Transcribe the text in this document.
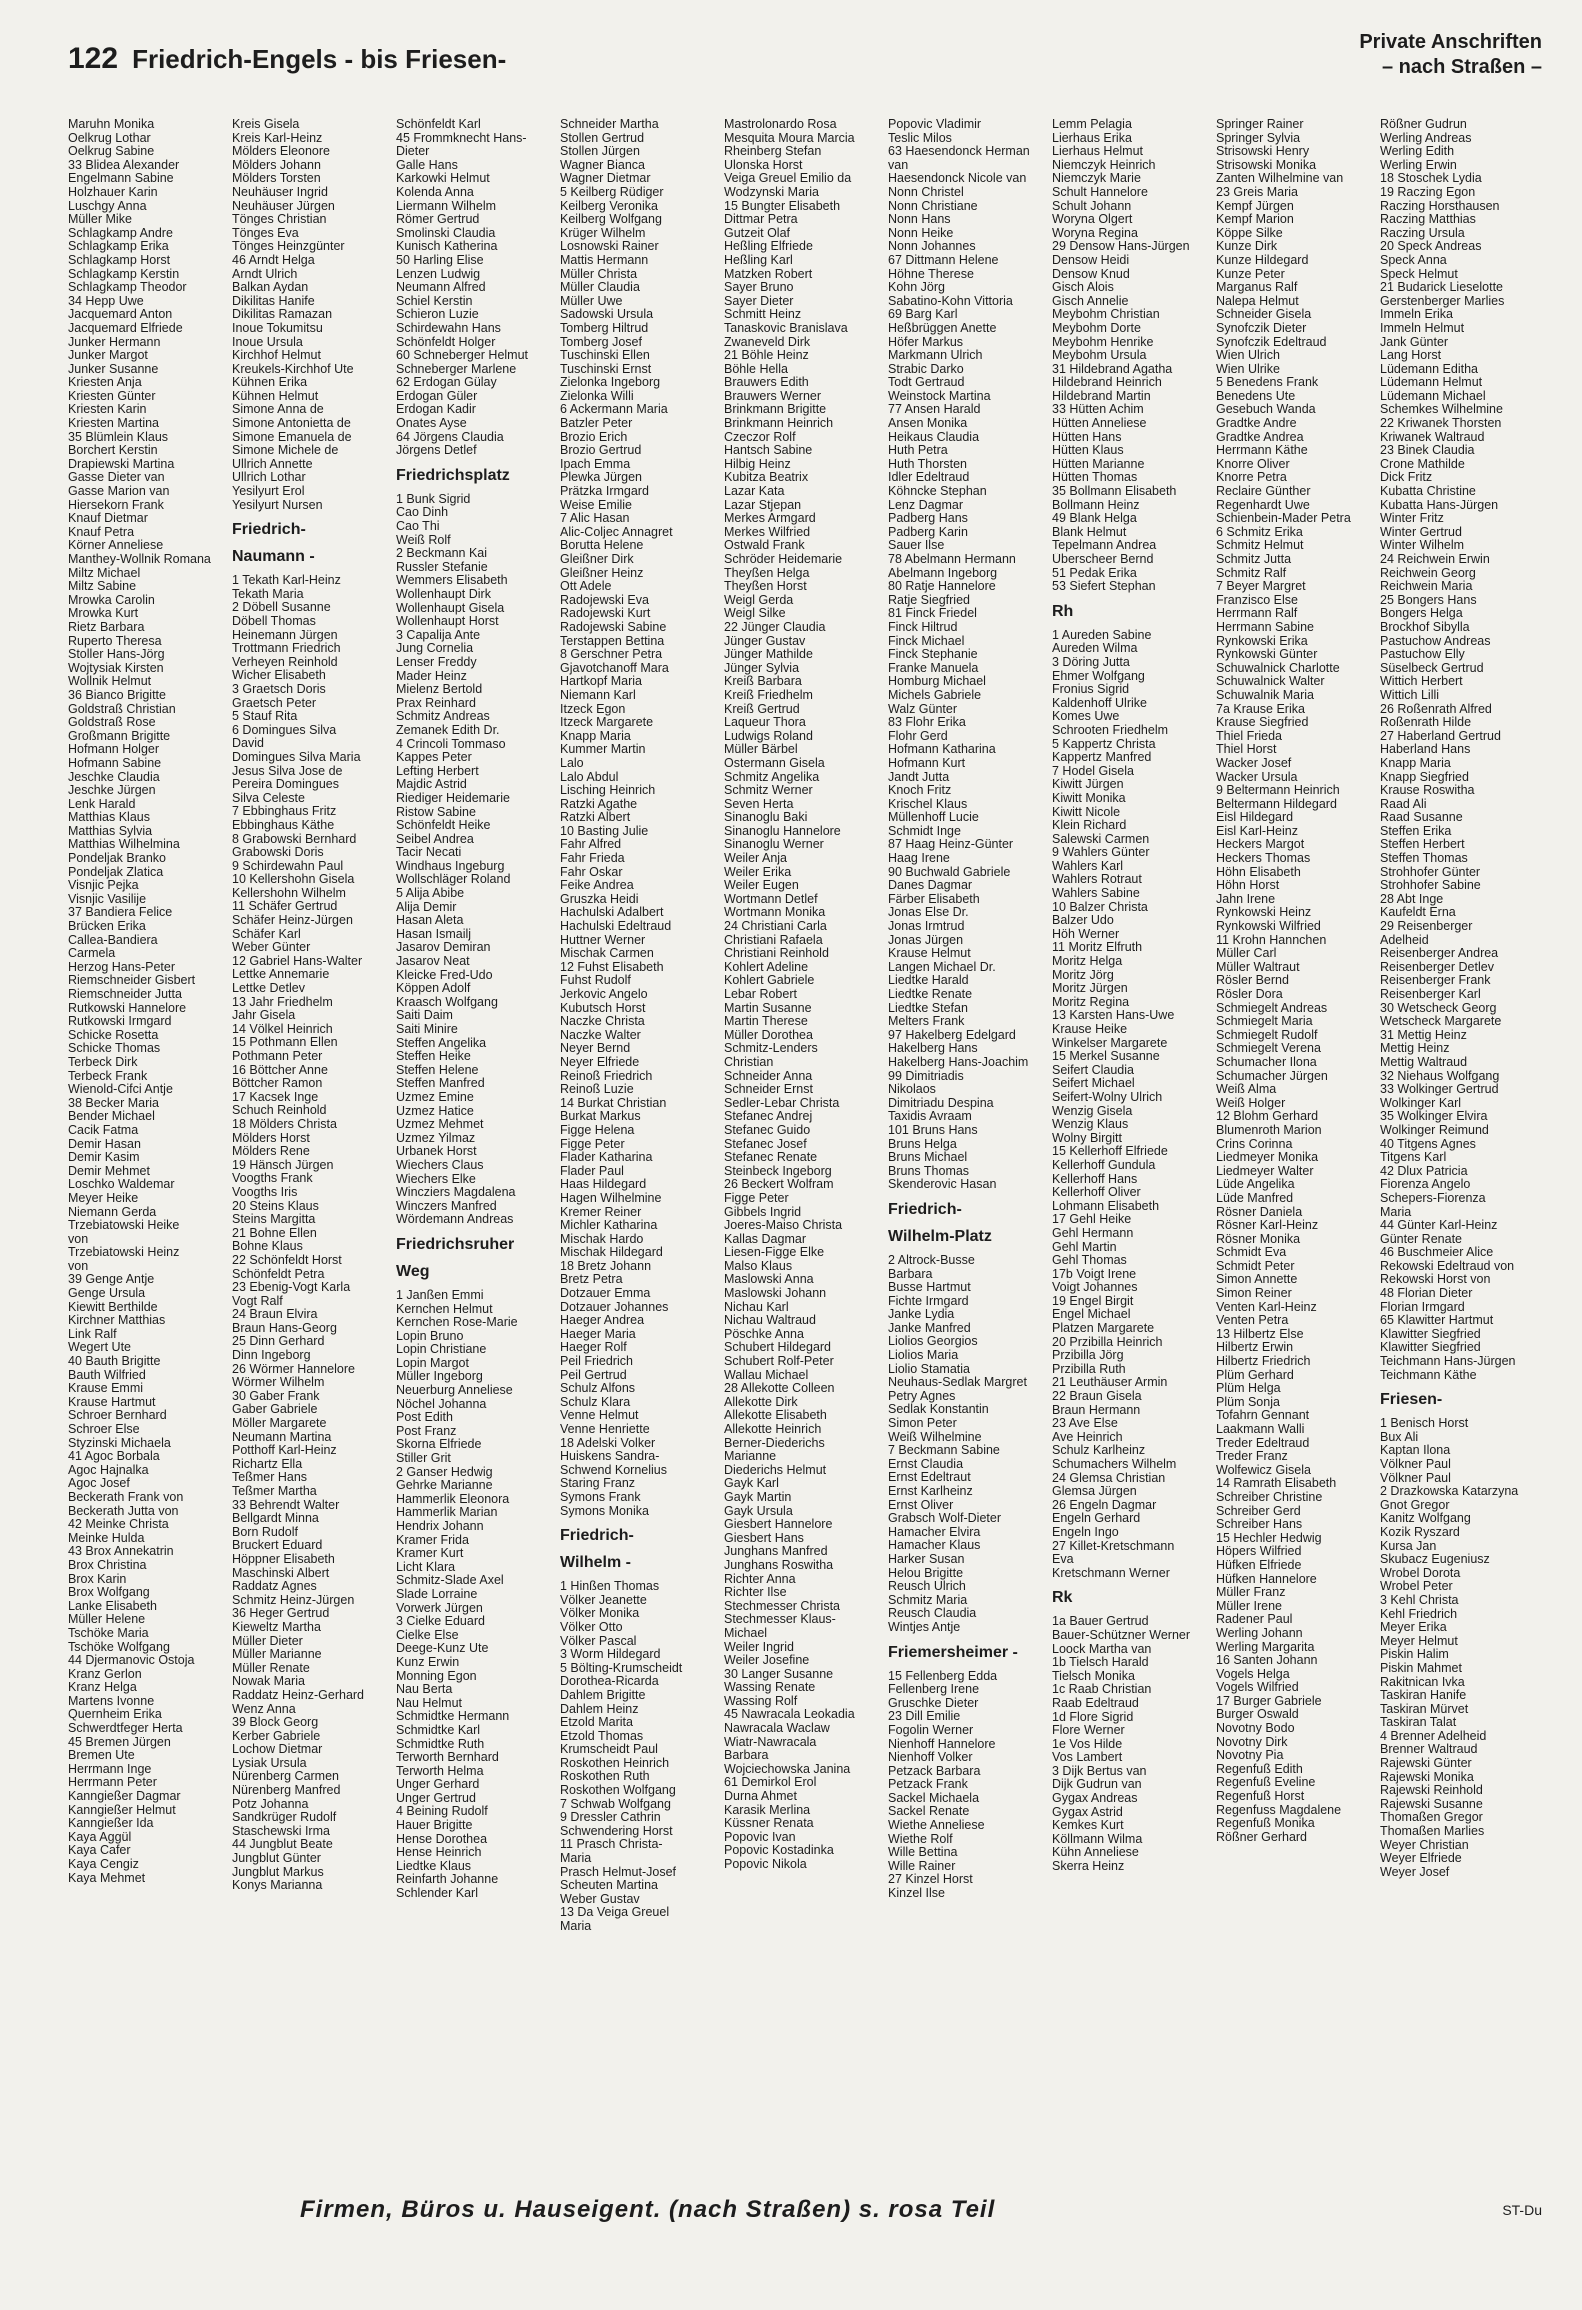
122 Friedrich-Engels - bis Friesen-
Private Anschriften
– nach Straßen –
Maruhn Monika
Oelkrug Lothar
Oelkrug Sabine
33 Blidea Alexander
Engelmann Sabine
Holzhauer Karin
Luschgy Anna
Müller Mike
Schlagkamp Andre
Schlagkamp Erika
Schlagkamp Horst
Schlagkamp Kerstin
Schlagkamp Theodor
34 Hepp Uwe
Jacquemard Anton
Jacquemard Elfriede
Junker Hermann
Junker Margot
Junker Susanne
Kriesten Anja
Kriesten Günter
Kriesten Karin
Kriesten Martina
35 Blümlein Klaus
Borchert Kerstin
Drapiewski Martina
Gasse Dieter van
Gasse Marion van
Hiersekorn Frank
Knauf Dietmar
Knauf Petra
Körner Anneliese
Manthey-Wollnik Romana
Miltz Michael
Miltz Sabine
Mrowka Carolin
Mrowka Kurt
Rietz Barbara
Ruperto Theresa
Stoller Hans-Jörg
Wojtysiak Kirsten
Wollnik Helmut
36 Bianco Brigitte
Goldstraß Christian
Goldstraß Rose
Großmann Brigitte
Hofmann Holger
Hofmann Sabine
Jeschke Claudia
Jeschke Jürgen
Lenk Harald
Matthias Klaus
Matthias Sylvia
Matthias Wilhelmina
Pondeljak Branko
Pondeljak Zlatica
Visnjic Pejka
Visnjic Vasilije
37 Bandiera Felice
Brücken Erika
Callea-Bandiera
Carmela
Herzog Hans-Peter
Riemschneider Gisbert
Riemschneider Jutta
Rutkowski Hannelore
Rutkowski Irmgard
Schicke Rosetta
Schicke Thomas
Terbeck Dirk
Terbeck Frank
Wienold-Cifci Antje
38 Becker Maria
Bender Michael
Cacik Fatma
Demir Hasan
Demir Kasim
Demir Mehmet
Loschko Waldemar
Meyer Heike
Niemann Gerda
Trzebiatowski Heike
von
Trzebiatowski Heinz
von
39 Genge Antje
Genge Ursula
Kiewitt Berthilde
Kirchner Matthias
Link Ralf
Wegert Ute
40 Bauth Brigitte
Bauth Wilfried
Krause Emmi
Krause Hartmut
Schroer Bernhard
Schroer Else
Styzinski Michaela
41 Agoc Borbala
Agoc Hajnalka
Agoc Josef
Beckerath Frank von
Beckerath Jutta von
42 Meinke Christa
Meinke Hulda
43 Brox Annekatrin
Brox Christina
Brox Karin
Brox Wolfgang
Lanke Elisabeth
Müller Helene
Tschöke Maria
Tschöke Wolfgang
44 Djermanovic Ostoja
Kranz Gerlon
Kranz Helga
Martens Ivonne
Quernheim Erika
Schwerdtfeger Herta
45 Bremen Jürgen
Bremen Ute
Herrmann Inge
Herrmann Peter
Kanngießer Dagmar
Kanngießer Helmut
Kanngießer Ida
Kaya Aggül
Kaya Cafer
Kaya Cengiz
Kaya Mehmet
Kreis Gisela
Kreis Karl-Heinz
Mölders Eleonore
Mölders Johann
Mölders Torsten
Neuhäuser Ingrid
Neuhäuser Jürgen
Tönges Christian
Tönges Eva
Tönges Heinzgünter
46 Arndt Helga
Arndt Ulrich
Balkan Aydan
Dikilitas Hanife
Dikilitas Ramazan
Inoue Tokumitsu
Inoue Ursula
Kirchhof Helmut
Kreukels-Kirchhof Ute
Kühnen Erika
Kühnen Helmut
Simone Anna de
Simone Antonietta de
Simone Emanuela de
Simone Michele de
Ullrich Annette
Ullrich Lothar
Yesilyurt Erol
Yesilyurt Nursen
Friedrich-
Naumann -
1 Tekath Karl-Heinz
Tekath Maria
2 Döbell Susanne
Döbell Thomas
Heinemann Jürgen
Trottmann Friedrich
Verheyen Reinhold
Wicher Elisabeth
3 Graetsch Doris
Graetsch Peter
5 Stauf Rita
6 Domingues Silva
David
Domingues Silva Maria
Jesus Silva Jose de
Pereira Domingues
Silva Celeste
7 Ebbinghaus Fritz
Ebbinghaus Käthe
8 Grabowski Bernhard
Grabowski Doris
9 Schirdewahn Paul
10 Kellershohn Gisela
Kellershohn Wilhelm
11 Schäfer Gertrud
Schäfer Heinz-Jürgen
Schäfer Karl
Weber Günter
12 Gabriel Hans-Walter
Lettke Annemarie
Lettke Detlev
13 Jahr Friedhelm
Jahr Gisela
14 Völkel Heinrich
15 Pothmann Ellen
Pothmann Peter
16 Böttcher Anne
Böttcher Ramon
17 Kacsek Inge
Schuch Reinhold
18 Mölders Christa
Mölders Horst
Mölders Rene
19 Hänsch Jürgen
Voogths Frank
Voogths Iris
20 Steins Klaus
Steins Margitta
21 Bohne Ellen
Bohne Klaus
22 Schönfeldt Horst
Schönfeldt Petra
23 Ebenig-Vogt Karla
Vogt Ralf
24 Braun Elvira
Braun Hans-Georg
25 Dinn Gerhard
Dinn Ingeborg
26 Wörmer Hannelore
Wörmer Wilhelm
30 Gaber Frank
Gaber Gabriele
Möller Margarete
Neumann Martina
Potthoff Karl-Heinz
Richartz Ella
Teßmer Hans
Teßmer Martha
33 Behrendt Walter
Bellgardt Minna
Born Rudolf
Bruckert Eduard
Höppner Elisabeth
Maschinski Albert
Raddatz Agnes
Schmitz Heinz-Jürgen
36 Heger Gertrud
Kieweltz Martha
Müller Dieter
Müller Marianne
Müller Renate
Nowak Maria
Raddatz Heinz-Gerhard
Wenz Anna
39 Block Georg
Kerber Gabriele
Lochow Dietmar
Lysiak Ursula
Nürenberg Carmen
Nürenberg Manfred
Potz Johanna
Sandkrüger Rudolf
Staschewski Irma
44 Jungblut Beate
Jungblut Günter
Jungblut Markus
Konys Marianna
Schönfeldt Karl
45 Frommknecht Hans-
Dieter
Galle Hans
Karkowki Helmut
Kolenda Anna
Liermann Wilhelm
Römer Gertrud
Smolinski Claudia
Kunisch Katherina
50 Harling Elise
Lenzen Ludwig
Neumann Alfred
Schiel Kerstin
Schieron Luzie
Schirdewahn Hans
Schönfeldt Holger
60 Schneberger Helmut
Schneberger Marlene
62 Erdogan Gülay
Erdogan Güler
Erdogan Kadir
Önates Ayse
64 Jörgens Claudia
Jörgens Detlef
Friedrichsplatz
1 Bunk Sigrid
Cao Dinh
Cao Thi
Weiß Rolf
2 Beckmann Kai
Russler Stefanie
Wemmers Elisabeth
Wollenhaupt Dirk
Wollenhaupt Gisela
Wollenhaupt Horst
3 Capalija Ante
Jung Cornelia
Lenser Freddy
Mader Heinz
Mielenz Bertold
Prax Reinhard
Schmitz Andreas
Zemanek Edith Dr.
4 Crincoli Tommaso
Kappes Peter
Lefting Herbert
Majdic Astrid
Riediger Heidemarie
Ristow Sabine
Schönfeldt Heike
Seibel Andrea
Tacir Necati
Windhaus Ingeburg
Wollschläger Roland
5 Alija Abibe
Alija Demir
Hasan Aleta
Hasan Ismailj
Jasarov Demiran
Jasarov Neat
Kleicke Fred-Udo
Köppen Adolf
Kraasch Wolfgang
Saiti Daim
Saiti Minire
Steffen Angelika
Steffen Heike
Steffen Helene
Steffen Manfred
Üzmez Emine
Üzmez Hatice
Üzmez Mehmet
Üzmez Yilmaz
Urbanek Horst
Wiechers Claus
Wiechers Elke
Wincziers Magdalena
Winczers Manfred
Wördemann Andreas
Friedrichsruher
Weg
1 Janßen Emmi
Kernchen Helmut
Kernchen Rose-Marie
Lopin Bruno
Lopin Christiane
Lopin Margot
Müller Ingeborg
Neuerburg Anneliese
Nöchel Johanna
Post Edith
Post Franz
Skorna Elfriede
Stiller Grit
2 Ganser Hedwig
Gehrke Marianne
Hammerlik Eleonora
Hammerlik Marian
Hendrix Johann
Kramer Frida
Kramer Kurt
Licht Klara
Schmitz-Slade Axel
Slade Lorraine
Vorwerk Jürgen
3 Cielke Eduard
Cielke Else
Deege-Kunz Ute
Kunz Erwin
Monning Egon
Nau Berta
Nau Helmut
Schmidtke Hermann
Schmidtke Karl
Schmidtke Ruth
Terworth Bernhard
Terworth Helma
Unger Gerhard
Unger Gertrud
4 Beining Rudolf
Hauer Brigitte
Hense Dorothea
Hense Heinrich
Liedtke Klaus
Reinfarth Johanne
Schlender Karl
Schneider Martha
Stollen Gertrud
Stollen Jürgen
Wagner Bianca
Wagner Dietmar
5 Keilberg Rüdiger
Keilberg Veronika
Keilberg Wolfgang
Krüger Wilhelm
Losnowski Rainer
Mattis Hermann
Müller Christa
Müller Claudia
Müller Uwe
Sadowski Ursula
Tomberg Hiltrud
Tomberg Josef
Tuschinski Ellen
Tuschinski Ernst
Zielonka Ingeborg
Zielonka Willi
6 Ackermann Maria
Batzler Peter
Brozio Erich
Brozio Gertrud
Ipach Emma
Plewka Jürgen
Prätzka Irmgard
Weise Emilie
7 Alic Hasan
Alic-Coljec Annagret
Borutta Helene
Gleißner Dirk
Gleißner Heinz
Ott Adele
Radojewski Eva
Radojewski Kurt
Radojewski Sabine
Terstappen Bettina
8 Gerschner Petra
Gjavotchanoff Mara
Hartkopf Maria
Niemann Karl
Itzeck Egon
Itzeck Margarete
Knapp Maria
Kummer Martin
Lalo
Lalo Abdul
Lisching Heinrich
Ratzki Agathe
Ratzki Albert
10 Basting Julie
Fahr Alfred
Fahr Frieda
Fahr Oskar
Feike Andrea
Gruszka Heidi
Hachulski Adalbert
Hachulski Edeltraud
Huttner Werner
Mischak Carmen
12 Fuhst Elisabeth
Fuhst Rudolf
Jerkovic Angelo
Kubutsch Horst
Naczke Christa
Naczke Walter
Neyer Bernd
Neyer Elfriede
Reinoß Friedrich
Reinoß Luzie
14 Burkat Christian
Burkat Markus
Figge Helena
Figge Peter
Flader Katharina
Flader Paul
Haas Hildegard
Hagen Wilhelmine
Kremer Reiner
Michler Katharina
Mischak Hardo
Mischak Hildegard
18 Bretz Johann
Bretz Petra
Dotzauer Emma
Dotzauer Johannes
Haeger Andrea
Haeger Maria
Haeger Rolf
Peil Friedrich
Peil Gertrud
Schulz Alfons
Schulz Klara
Venne Helmut
Venne Henriette
18 Adelski Volker
Huiskens Sandra-
Schwend Kornelius
Staring Franz
Symons Frank
Symons Monika
Friedrich-
Wilhelm -
1 Hinßen Thomas
Völker Jeanette
Völker Monika
Völker Otto
Völker Pascal
3 Worm Hildegard
5 Bölting-Krumscheidt
Dorothea-Ricarda
Dahlem Brigitte
Dahlem Heinz
Etzold Marita
Etzold Thomas
Krumscheidt Paul
Roskothen Heinrich
Roskothen Ruth
Roskothen Wolfgang
7 Schwab Wolfgang
9 Dressler Cathrin
Schwendering Horst
11 Prasch Christa-
Maria
Prasch Helmut-Josef
Scheuten Martina
Weber Gustav
13 Da Veiga Greuel
Maria
Mastrolonardo Rosa
Mesquita Moura Marcia
Rheinberg Stefan
Ulonska Horst
Veiga Greuel Emilio da
Wodzynski Maria
15 Bungter Elisabeth
Dittmar Petra
Gutzeit Olaf
Heßling Elfriede
Heßling Karl
Matzken Robert
Sayer Bruno
Sayer Dieter
Schmitt Heinz
Tanaskovic Branislava
Zwaneveld Dirk
21 Böhle Heinz
Böhle Hella
Brauwers Edith
Brauwers Werner
Brinkmann Brigitte
Brinkmann Heinrich
Czeczor Rolf
Hantsch Sabine
Hilbig Heinz
Kubitza Beatrix
Lazar Kata
Lazar Stjepan
Merkes Armgard
Merkes Wilfried
Ostwald Frank
Schröder Heidemarie
Theyßen Helga
Theyßen Horst
Weigl Gerda
Weigl Silke
22 Jünger Claudia
Jünger Gustav
Jünger Mathilde
Jünger Sylvia
Kreiß Barbara
Kreiß Friedhelm
Kreiß Gertrud
Laqueur Thora
Ludwigs Roland
Müller Bärbel
Ostermann Gisela
Schmitz Angelika
Schmitz Werner
Seven Herta
Sinanoglu Baki
Sinanoglu Hannelore
Sinanoglu Werner
Weiler Anja
Weiler Erika
Weiler Eugen
Wortmann Detlef
Wortmann Monika
24 Christiani Carla
Christiani Rafaela
Christiani Reinhold
Kohlert Adeline
Kohlert Gabriele
Lebar Robert
Martin Susanne
Martin Therese
Müller Dorothea
Schmitz-Lenders
Christian
Schneider Anna
Schneider Ernst
Sedler-Lebar Christa
Stefanec Andrej
Stefanec Guido
Stefanec Josef
Stefanec Renate
Steinbeck Ingeborg
26 Beckert Wolfram
Figge Peter
Gibbels Ingrid
Joeres-Maiso Christa
Kallas Dagmar
Liesen-Figge Elke
Malso Klaus
Maslowski Anna
Maslowski Johann
Nichau Karl
Nichau Waltraud
Pöschke Anna
Schubert Hildegard
Schubert Rolf-Peter
Wallau Michael
28 Allekotte Colleen
Allekotte Dirk
Allekotte Elisabeth
Allekotte Heinrich
Berner-Diederichs
Marianne
Diederichs Helmut
Gayk Karl
Gayk Martin
Gayk Ursula
Giesbert Hannelore
Giesbert Hans
Junghans Manfred
Junghans Roswitha
Richter Anna
Richter Ilse
Stechmesser Christa
Stechmesser Klaus-
Michael
Weiler Ingrid
Weiler Josefine
30 Langer Susanne
Wassing Renate
Wassing Rolf
45 Nawracala Leokadia
Nawracala Waclaw
Wiatr-Nawracala
Barbara
Wojciechowska Janina
61 Demirkol Erol
Durna Ahmet
Karasik Merlina
Küssner Renata
Popovic Ivan
Popovic Kostadinka
Popovic Nikola
Popovic Vladimir
Teslic Milos
63 Haesendonck Herman
van
Haesendonck Nicole van
Nonn Christel
Nonn Christiane
Nonn Hans
Nonn Heike
Nonn Johannes
67 Dittmann Helene
Höhne Therese
Kohn Jörg
Sabatino-Kohn Vittoria
69 Barg Karl
Heßbrüggen Anette
Höfer Markus
Markmann Ulrich
Strabic Darko
Todt Gertraud
Weinstock Martina
77 Ansen Harald
Ansen Monika
Heikaus Claudia
Huth Petra
Huth Thorsten
Idler Edeltraud
Köhncke Stephan
Lenz Dagmar
Padberg Hans
Padberg Karin
Sauer Ilse
78 Abelmann Hermann
Abelmann Ingeborg
80 Ratje Hannelore
Ratje Siegfried
81 Finck Friedel
Finck Hiltrud
Finck Michael
Finck Stephanie
Franke Manuela
Homburg Michael
Michels Gabriele
Walz Günter
83 Flohr Erika
Flohr Gerd
Hofmann Katharina
Hofmann Kurt
Jandt Jutta
Knoch Fritz
Krischel Klaus
Müllenhoff Lucie
Schmidt Inge
87 Haag Heinz-Günter
Haag Irene
90 Buchwald Gabriele
Danes Dagmar
Färber Elisabeth
Jonas Else Dr.
Jonas Irmtrud
Jonas Jürgen
Krause Helmut
Langen Michael Dr.
Liedtke Harald
Liedtke Renate
Liedtke Stefan
Melters Frank
97 Hakelberg Edelgard
Hakelberg Hans
Hakelberg Hans-Joachim
99 Dimitriadis
Nikolaos
Dimitriadu Despina
Taxidis Avraam
101 Bruns Hans
Bruns Helga
Bruns Michael
Bruns Thomas
Skenderovic Hasan
Friedrich-
Wilhelm-Platz
2 Altrock-Busse
Barbara
Busse Hartmut
Fichte Irmgard
Janke Lydia
Janke Manfred
Liolios Georgios
Liolios Maria
Liolio Stamatia
Neuhaus-Sedlak Margret
Petry Agnes
Sedlak Konstantin
Simon Peter
Weiß Wilhelmine
7 Beckmann Sabine
Ernst Claudia
Ernst Edeltraut
Ernst Karlheinz
Ernst Oliver
Grabsch Wolf-Dieter
Hamacher Elvira
Hamacher Klaus
Harker Susan
Helou Brigitte
Reusch Ulrich
Schmitz Maria
Reusch Claudia
Wintjes Antje
Friemersheimer -
15 Fellenberg Edda
Fellenberg Irene
Gruschke Dieter
23 Dill Emilie
Fogolin Werner
Nienhoff Hannelore
Nienhoff Volker
Petzack Barbara
Petzack Frank
Sackel Michaela
Sackel Renate
Wiethe Anneliese
Wiethe Rolf
Wille Bettina
Wille Rainer
27 Kinzel Horst
Kinzel Ilse
Lemm Pelagia
Lierhaus Erika
Lierhaus Helmut
Niemczyk Heinrich
Niemczyk Marie
Schult Hannelore
Schult Johann
Woryna Olgert
Woryna Regina
29 Densow Hans-Jürgen
Densow Heidi
Densow Knud
Gisch Alois
Gisch Annelie
Meybohm Christian
Meybohm Dorte
Meybohm Henrike
Meybohm Ursula
31 Hildebrand Agatha
Hildebrand Heinrich
Hildebrand Martin
33 Hütten Achim
Hütten Anneliese
Hütten Hans
Hütten Klaus
Hütten Marianne
Hütten Thomas
35 Bollmann Elisabeth
Bollmann Heinz
49 Blank Helga
Blank Helmut
Tepelmann Andrea
Überscheer Bernd
51 Pedak Erika
53 Siefert Stephan
Rh
1 Aureden Sabine
Aureden Wilma
3 Döring Jutta
Ehmer Wolfgang
Fronius Sigrid
Kaldenhoff Ulrike
Komes Uwe
Schrooten Friedhelm
5 Kappertz Christa
Kappertz Manfred
7 Hodel Gisela
Kiwitt Jürgen
Kiwitt Monika
Kiwitt Nicole
Klein Richard
Salewski Carmen
9 Wahlers Günter
Wahlers Karl
Wahlers Rotraut
Wahlers Sabine
10 Balzer Christa
Balzer Udo
Höh Werner
11 Moritz Elfruth
Moritz Helga
Moritz Jörg
Moritz Jürgen
Moritz Regina
13 Karsten Hans-Uwe
Krause Heike
Winkelser Margarete
15 Merkel Susanne
Seifert Claudia
Seifert Michael
Seifert-Wolny Ulrich
Wenzig Gisela
Wenzig Klaus
Wolny Birgitt
15 Kellerhoff Elfriede
Kellerhoff Gundula
Kellerhoff Hans
Kellerhoff Oliver
Lohmann Elisabeth
17 Gehl Heike
Gehl Hermann
Gehl Martin
Gehl Thomas
17b Voigt Irene
Voigt Johannes
19 Engel Birgit
Engel Michael
Platzen Margarete
20 Przibilla Heinrich
Przibilla Jörg
Przibilla Ruth
21 Leuthäuser Armin
22 Braun Gisela
Braun Hermann
23 Ave Else
Ave Heinrich
Schulz Karlheinz
Schumachers Wilhelm
24 Glemsa Christian
Glemsa Jürgen
26 Engeln Dagmar
Engeln Gerhard
Engeln Ingo
27 Killet-Kretschmann
Eva
Kretschmann Werner
Rk
1a Bauer Gertrud
Bauer-Schützner Werner
Loock Martha van
1b Tielsch Harald
Tielsch Monika
1c Raab Christian
Raab Edeltraud
1d Flore Sigrid
Flore Werner
1e Vos Hilde
Vos Lambert
3 Dijk Bertus van
Dijk Gudrun van
Gygax Andreas
Gygax Astrid
Kemkes Kurt
Köllmann Wilma
Kühn Anneliese
Skerra Heinz
Springer Rainer
Springer Sylvia
Strisowski Henry
Strisowski Monika
Zanten Wilhelmine van
23 Greis Maria
Kempf Jürgen
Kempf Marion
Köppe Silke
Kunze Dirk
Kunze Hildegard
Kunze Peter
Marganus Ralf
Nalepa Helmut
Schneider Gisela
Synofczik Dieter
Synofczik Edeltraud
Wien Ulrich
Wien Ulrike
5 Benedens Frank
Benedens Ute
Gesebuch Wanda
Gradtke Andre
Gradtke Andrea
Herrmann Käthe
Knorre Oliver
Knorre Petra
Reclaire Günther
Regenhardt Uwe
Schienbein-Mader Petra
6 Schmitz Erika
Schmitz Helmut
Schmitz Jutta
Schmitz Ralf
7 Beyer Margret
Franzisco Else
Herrmann Ralf
Herrmann Sabine
Rynkowski Erika
Rynkowski Günter
Schuwalnick Charlotte
Schuwalnick Walter
Schuwalnik Maria
7a Krause Erika
Krause Siegfried
Thiel Frieda
Thiel Horst
Wacker Josef
Wacker Ursula
9 Beltermann Heinrich
Beltermann Hildegard
Eisl Hildegard
Eisl Karl-Heinz
Heckers Margot
Heckers Thomas
Höhn Elisabeth
Höhn Horst
Jahn Irene
Rynkowski Heinz
Rynkowski Wilfried
11 Krohn Hannchen
Müller Carl
Müller Waltraut
Rösler Bernd
Rösler Dora
Schmiegelt Andreas
Schmiegelt Maria
Schmiegelt Rudolf
Schmiegelt Verena
Schumacher Ilona
Schumacher Jürgen
Weiß Alma
Weiß Holger
12 Blohm Gerhard
Blumenroth Marion
Crins Corinna
Liedmeyer Monika
Liedmeyer Walter
Lüde Angelika
Lüde Manfred
Rösner Daniela
Rösner Karl-Heinz
Rösner Monika
Schmidt Eva
Schmidt Peter
Simon Annette
Simon Reiner
Venten Karl-Heinz
Venten Petra
13 Hilbertz Else
Hilbertz Erwin
Hilbertz Friedrich
Plüm Gerhard
Plüm Helga
Plüm Sonja
Tofahrn Gennant
Laakmann Walli
Treder Edeltraud
Treder Franz
Wolfewicz Gisela
14 Ramrath Elisabeth
Schreiber Christine
Schreiber Gerd
Schreiber Hans
15 Hechler Hedwig
Höpers Wilfried
Hüfken Elfriede
Hüfken Hannelore
Müller Franz
Müller Irene
Radener Paul
Werling Johann
Werling Margarita
16 Santen Johann
Vogels Helga
Vogels Wilfried
17 Burger Gabriele
Burger Oswald
Novotny Bodo
Novotny Dirk
Novotny Pia
Regenfuß Edith
Regenfuß Eveline
Regenfuß Horst
Regenfuss Magdalene
Regenfuß Monika
Rößner Gerhard
Rößner Gudrun
Werling Andreas
Werling Edith
Werling Erwin
18 Stoschek Lydia
19 Raczing Egon
Raczing Horsthausen
Raczing Matthias
Raczing Ursula
20 Speck Andreas
Speck Anna
Speck Helmut
21 Budarick Lieselotte
Gerstenberger Marlies
Immeln Erika
Immeln Helmut
Jank Günter
Lang Horst
Lüdemann Editha
Lüdemann Helmut
Lüdemann Michael
Schemkes Wilhelmine
22 Kriwanek Thorsten
Kriwanek Waltraud
23 Binek Claudia
Crone Mathilde
Dick Fritz
Kubatta Christine
Kubatta Hans-Jürgen
Winter Fritz
Winter Gertrud
Winter Wilhelm
24 Reichwein Erwin
Reichwein Georg
Reichwein Maria
25 Bongers Hans
Bongers Helga
Brockhof Sibylla
Pastuchow Andreas
Pastuchow Elly
Süselbeck Gertrud
Wittich Herbert
Wittich Lilli
26 Roßenrath Alfred
Roßenrath Hilde
27 Haberland Gertrud
Haberland Hans
Knapp Maria
Knapp Siegfried
Krause Roswitha
Raad Ali
Raad Susanne
Steffen Erika
Steffen Herbert
Steffen Thomas
Strohhofer Günter
Strohhofer Sabine
28 Abt Inge
Kaufeldt Erna
29 Reisenberger
Adelheid
Reisenberger Andrea
Reisenberger Detlev
Reisenberger Frank
Reisenberger Karl
30 Wetscheck Georg
Wetscheck Margarete
31 Mettig Heinz
Mettig Heinz
Mettig Waltraud
32 Niehaus Wolfgang
33 Wolkinger Gertrud
Wolkinger Karl
35 Wolkinger Elvira
Wolkinger Reimund
40 Titgens Agnes
Titgens Karl
42 Dlux Patricia
Fiorenza Angelo
Schepers-Fiorenza
Maria
44 Günter Karl-Heinz
Günter Renate
46 Buschmeier Alice
Rekowski Edeltraud von
Rekowski Horst von
48 Florian Dieter
Florian Irmgard
65 Klawitter Hartmut
Klawitter Siegfried
Klawitter Siegfried
Teichmann Hans-Jürgen
Teichmann Käthe
Friesen-
1 Benisch Horst
Bux Ali
Kaptan Ilona
Völkner Paul
Völkner Paul
2 Drazkowska Katarzyna
Gnot Gregor
Kanitz Wolfgang
Kozik Ryszard
Kursa Jan
Skubacz Eugeniusz
Wrobel Dorota
Wrobel Peter
3 Kehl Christa
Kehl Friedrich
Meyer Erika
Meyer Helmut
Piskin Halim
Piskin Mahmet
Rakitnican Ivka
Taskiran Hanife
Taskiran Mürvet
Taskiran Talat
4 Brenner Adelheid
Brenner Waltraud
Rajewski Günter
Rajewski Monika
Rajewski Reinhold
Rajewski Susanne
Thomaßen Gregor
Thomaßen Marlies
Weyer Christian
Weyer Elfriede
Weyer Josef
Firmen, Büros u. Hauseigent. (nach Straßen) s. rosa Teil	ST-Du
